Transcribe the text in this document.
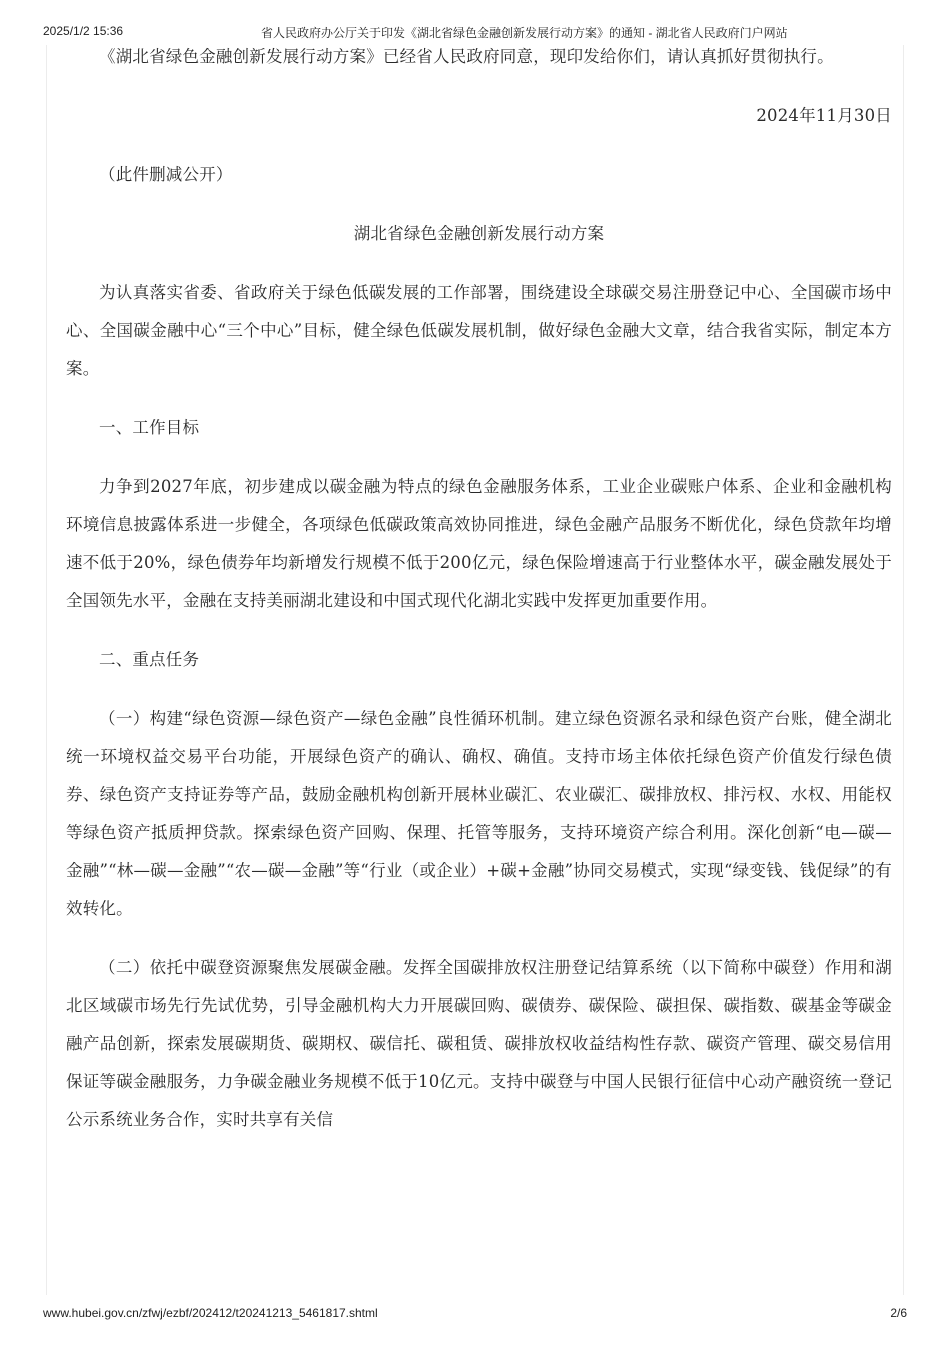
2025/1/2 15:36	省人民政府办公厅关于印发《湖北省绿色金融创新发展行动方案》的通知 - 湖北省人民政府门户网站

《湖北省绿色金融创新发展行动方案》已经省人民政府同意，现印发给你们，请认真抓好贯彻执行。

2024年11月30日

（此件删减公开）

湖北省绿色金融创新发展行动方案

为认真落实省委、省政府关于绿色低碳发展的工作部署，围绕建设全球碳交易注册登记中心、全国碳市场中心、全国碳金融中心“三个中心”目标，健全绿色低碳发展机制，做好绿色金融大文章，结合我省实际，制定本方案。

一、工作目标

力争到2027年底，初步建成以碳金融为特点的绿色金融服务体系，工业企业碳账户体系、企业和金融机构环境信息披露体系进一步健全，各项绿色低碳政策高效协同推进，绿色金融产品服务不断优化，绿色贷款年均增速不低于20%，绿色债券年均新增发行规模不低于200亿元，绿色保险增速高于行业整体水平，碳金融发展处于全国领先水平，金融在支持美丽湖北建设和中国式现代化湖北实践中发挥更加重要作用。

二、重点任务

（一）构建“绿色资源—绿色资产—绿色金融”良性循环机制。建立绿色资源名录和绿色资产台账，健全湖北统一环境权益交易平台功能，开展绿色资产的确认、确权、确值。支持市场主体依托绿色资产价值发行绿色债券、绿色资产支持证券等产品，鼓励金融机构创新开展林业碳汇、农业碳汇、碳排放权、排污权、水权、用能权等绿色资产抵质押贷款。探索绿色资产回购、保理、托管等服务，支持环境资产综合利用。深化创新“电—碳—金融”“林—碳—金融”“农—碳—金融”等“行业（或企业）+碳+金融”协同交易模式，实现“绿变钱、钱促绿”的有效转化。

（二）依托中碳登资源聚焦发展碳金融。发挥全国碳排放权注册登记结算系统（以下简称中碳登）作用和湖北区域碳市场先行先试优势，引导金融机构大力开展碳回购、碳债券、碳保险、碳担保、碳指数、碳基金等碳金融产品创新，探索发展碳期货、碳期权、碳信托、碳租赁、碳排放权收益结构性存款、碳资产管理、碳交易信用保证等碳金融服务，力争碳金融业务规模不低于10亿元。支持中碳登与中国人民银行征信中心动产融资统一登记公示系统业务合作，实时共享有关信

www.hubei.gov.cn/zfwj/ezbf/202412/t20241213_5461817.shtml	2/6
